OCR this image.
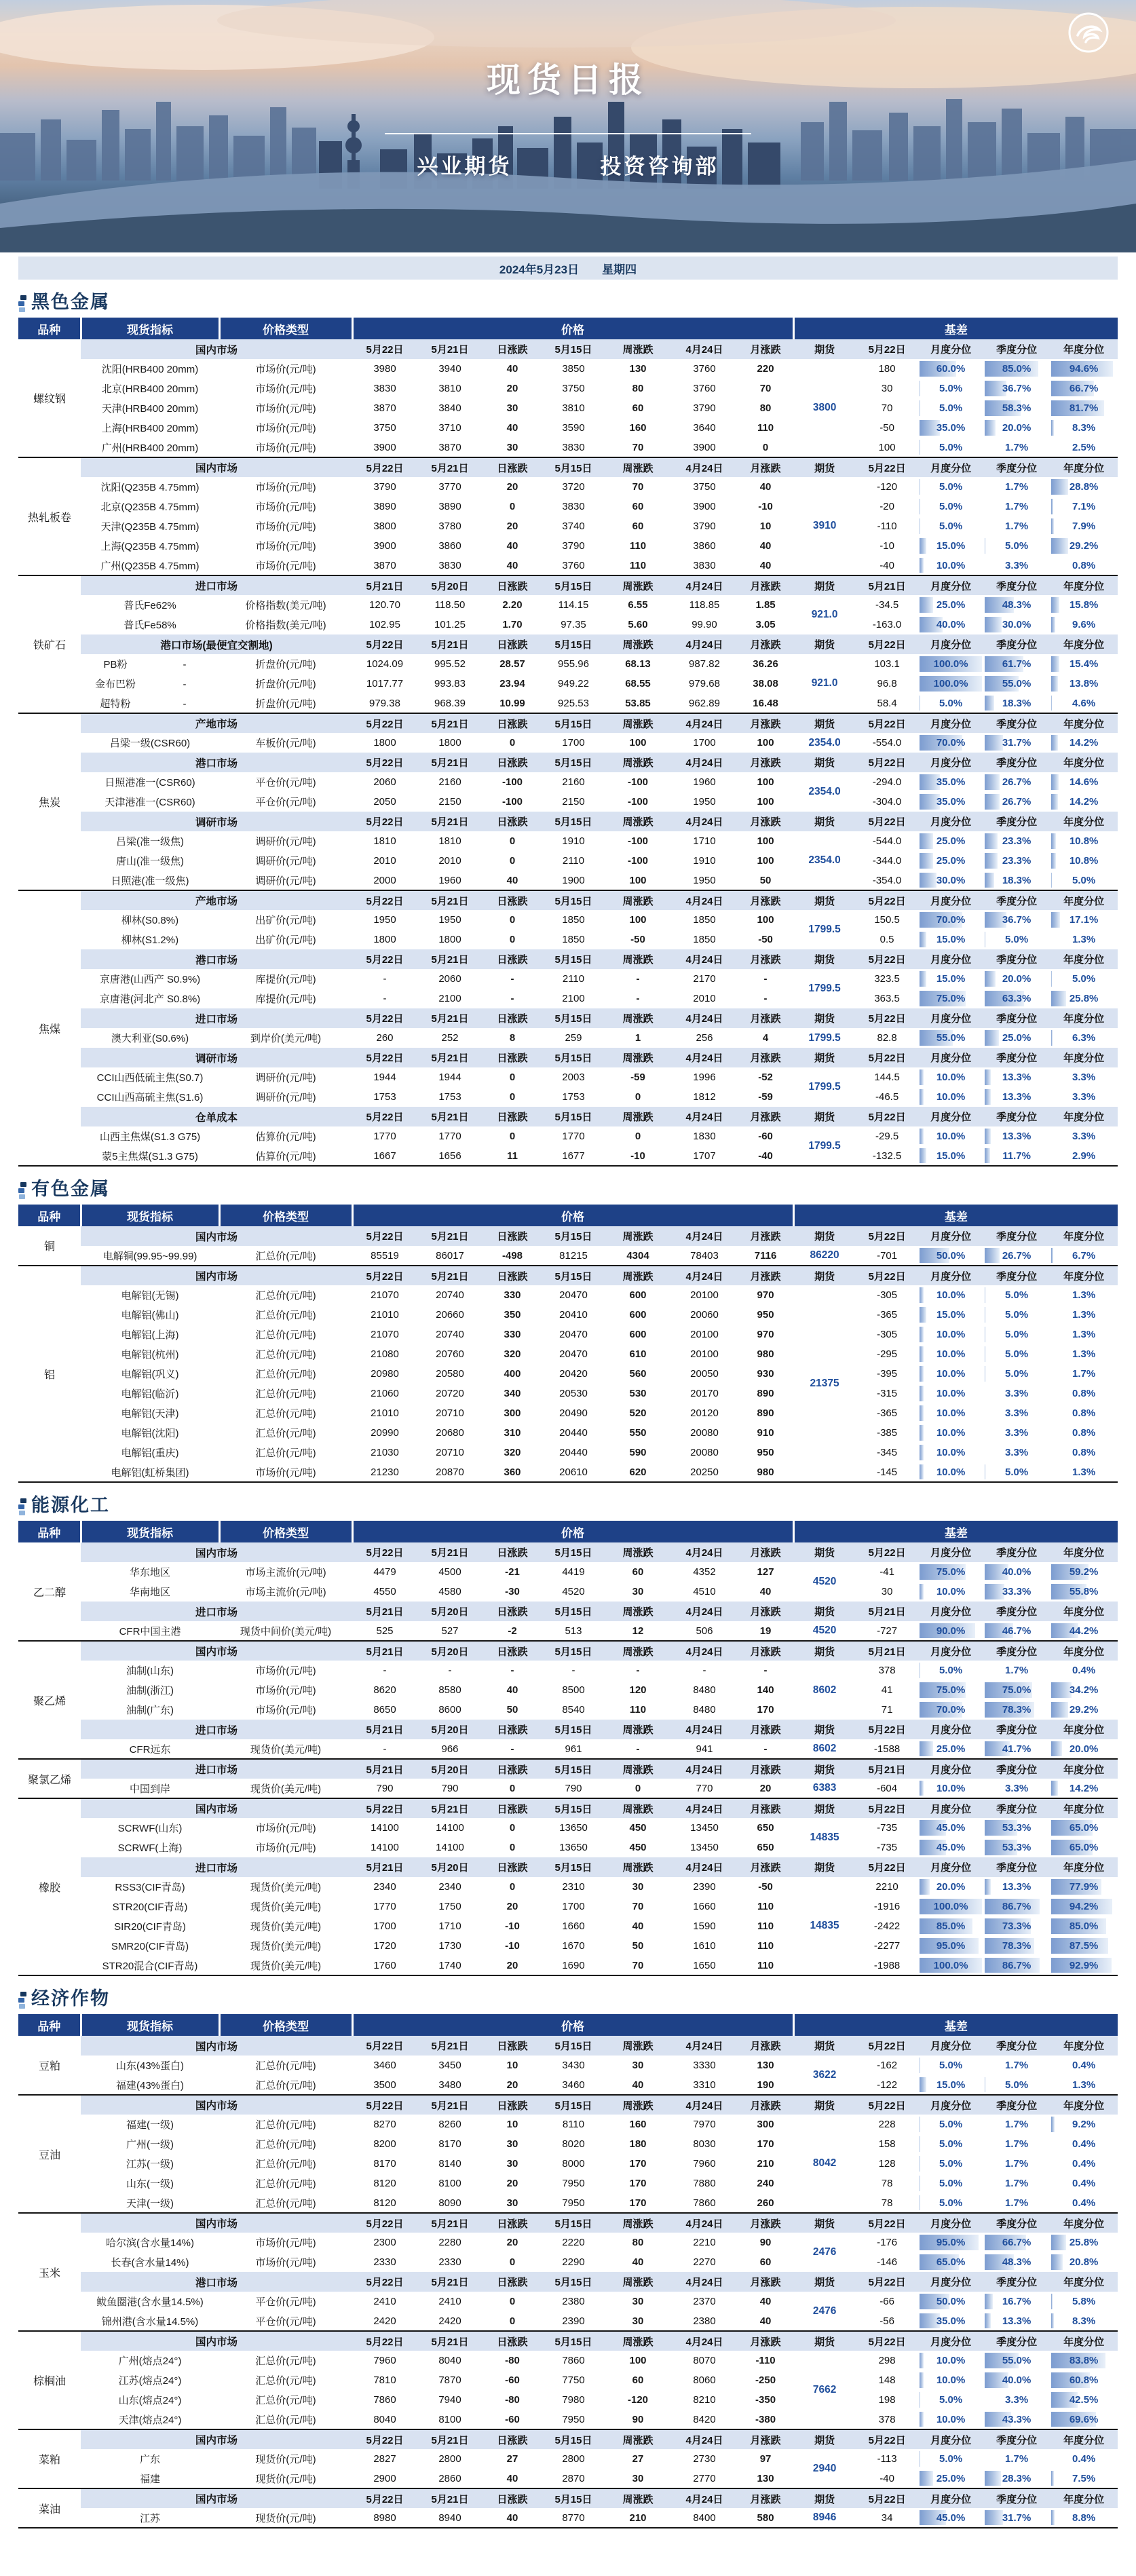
现货日报
兴业期货	投资咨询部
2024年5月23日 星期四
黑色金属
品种	现货指标	价格类型	价格							基差				
螺纹钢	国内市场		5月22日	5月21日	日涨跌	5月15日	周涨跌	4月24日	月涨跌	期货	5月22日	月度分位	季度分位	年度分位
	沈阳(HRB400 20mm)	市场价(元/吨)	3980	3940	40	3850	130	3760	220	3800	180	60.0%	85.0%	94.6%
	北京(HRB400 20mm)	市场价(元/吨)	3830	3810	20	3750	80	3760	70		30	5.0%	36.7%	66.7%
	天津(HRB400 20mm)	市场价(元/吨)	3870	3840	30	3810	60	3790	80		70	5.0%	58.3%	81.7%
	上海(HRB400 20mm)	市场价(元/吨)	3750	3710	40	3590	160	3640	110		-50	35.0%	20.0%	8.3%
	广州(HRB400 20mm)	市场价(元/吨)	3900	3870	30	3830	70	3900	0		100	5.0%	1.7%	2.5%
热轧板卷	国内市场		5月22日	5月21日	日涨跌	5月15日	周涨跌	4月24日	月涨跌	期货	5月22日	月度分位	季度分位	年度分位
	沈阳(Q235B 4.75mm)	市场价(元/吨)	3790	3770	20	3720	70	3750	40	3910	-120	5.0%	1.7%	28.8%
	北京(Q235B 4.75mm)	市场价(元/吨)	3890	3890	0	3830	60	3900	-10		-20	5.0%	1.7%	7.1%
	天津(Q235B 4.75mm)	市场价(元/吨)	3800	3780	20	3740	60	3790	10		-110	5.0%	1.7%	7.9%
	上海(Q235B 4.75mm)	市场价(元/吨)	3900	3860	40	3790	110	3860	40		-10	15.0%	5.0%	29.2%
	广州(Q235B 4.75mm)	市场价(元/吨)	3870	3830	40	3760	110	3830	40		-40	10.0%	3.3%	0.8%
铁矿石	进口市场		5月21日	5月20日	日涨跌	5月15日	周涨跌	4月24日	月涨跌	期货	5月21日	月度分位	季度分位	年度分位
	普氏Fe62%	价格指数(美元/吨)	120.70	118.50	2.20	114.15	6.55	118.85	1.85	921.0	-34.5	25.0%	48.3%	15.8%
	普氏Fe58%	价格指数(美元/吨)	102.95	101.25	1.70	97.35	5.60	99.90	3.05		-163.0	40.0%	30.0%	9.6%
	港口市场(最便宜交割地)		5月22日	5月21日	日涨跌	5月15日	周涨跌	4月24日	月涨跌	期货	5月22日	月度分位	季度分位	年度分位
	PB粉 -	折盘价(元/吨)	1024.09	995.52	28.57	955.96	68.13	987.82	36.26	921.0	103.1	100.0%	61.7%	15.4%
	金布巴粉 -	折盘价(元/吨)	1017.77	993.83	23.94	949.22	68.55	979.68	38.08		96.8	100.0%	55.0%	13.8%
	超特粉 -	折盘价(元/吨)	979.38	968.39	10.99	925.53	53.85	962.89	16.48		58.4	5.0%	18.3%	4.6%
焦炭	产地市场		5月22日	5月21日	日涨跌	5月15日	周涨跌	4月24日	月涨跌	期货	5月22日	月度分位	季度分位	年度分位
	吕梁一级(CSR60)	车板价(元/吨)	1800	1800	0	1700	100	1700	100	2354.0	-554.0	70.0%	31.7%	14.2%
	港口市场		5月22日	5月21日	日涨跌	5月15日	周涨跌	4月24日	月涨跌	期货	5月22日	月度分位	季度分位	年度分位
	日照港准一(CSR60)	平仓价(元/吨)	2060	2160	-100	2160	-100	1960	100	2354.0	-294.0	35.0%	26.7%	14.6%
	天津港准一(CSR60)	平仓价(元/吨)	2050	2150	-100	2150	-100	1950	100		-304.0	35.0%	26.7%	14.2%
	调研市场		5月22日	5月21日	日涨跌	5月15日	周涨跌	4月24日	月涨跌	期货	5月22日	月度分位	季度分位	年度分位
	吕梁(准一级焦)	调研价(元/吨)	1810	1810	0	1910	-100	1710	100	2354.0	-544.0	25.0%	23.3%	10.8%
	唐山(准一级焦)	调研价(元/吨)	2010	2010	0	2110	-100	1910	100		-344.0	25.0%	23.3%	10.8%
	日照港(准一级焦)	调研价(元/吨)	2000	1960	40	1900	100	1950	50		-354.0	30.0%	18.3%	5.0%
焦煤	产地市场		5月22日	5月21日	日涨跌	5月15日	周涨跌	4月24日	月涨跌	期货	5月22日	月度分位	季度分位	年度分位
	柳林(S0.8%)	出矿价(元/吨)	1950	1950	0	1850	100	1850	100	1799.5	150.5	70.0%	36.7%	17.1%
	柳林(S1.2%)	出矿价(元/吨)	1800	1800	0	1850	-50	1850	-50		0.5	15.0%	5.0%	1.3%
	港口市场		5月22日	5月21日	日涨跌	5月15日	周涨跌	4月24日	月涨跌	期货	5月22日	月度分位	季度分位	年度分位
	京唐港(山西产 S0.9%)	库提价(元/吨)	-	2060	-	2110	-	2170	-	1799.5	323.5	15.0%	20.0%	5.0%
	京唐港(河北产 S0.8%)	库提价(元/吨)	-	2100	-	2100	-	2010	-		363.5	75.0%	63.3%	25.8%
	进口市场		5月22日	5月21日	日涨跌	5月15日	周涨跌	4月24日	月涨跌	期货	5月22日	月度分位	季度分位	年度分位
	澳大利亚(S0.6%)	到岸价(美元/吨)	260	252	8	259	1	256	4	1799.5	82.8	55.0%	25.0%	6.3%
	调研市场		5月22日	5月21日	日涨跌	5月15日	周涨跌	4月24日	月涨跌	期货	5月22日	月度分位	季度分位	年度分位
	CCI山西低硫主焦(S0.7)	调研价(元/吨)	1944	1944	0	2003	-59	1996	-52	1799.5	144.5	10.0%	13.3%	3.3%
	CCI山西高硫主焦(S1.6)	调研价(元/吨)	1753	1753	0	1753	0	1812	-59		-46.5	10.0%	13.3%	3.3%
	仓单成本		5月22日	5月21日	日涨跌	5月15日	周涨跌	4月24日	月涨跌	期货	5月22日	月度分位	季度分位	年度分位
	山西主焦煤(S1.3 G75)	估算价(元/吨)	1770	1770	0	1770	0	1830	-60	1799.5	-29.5	10.0%	13.3%	3.3%
	蒙5主焦煤(S1.3 G75)	估算价(元/吨)	1667	1656	11	1677	-10	1707	-40		-132.5	15.0%	11.7%	2.9%
有色金属
品种	现货指标	价格类型	价格							基差				
铜	国内市场		5月22日	5月21日	日涨跌	5月15日	周涨跌	4月24日	月涨跌	期货	5月22日	月度分位	季度分位	年度分位
	电解铜(99.95~99.99)	汇总价(元/吨)	85519	86017	-498	81215	4304	78403	7116	86220	-701	50.0%	26.7%	6.7%
铝	国内市场		5月22日	5月21日	日涨跌	5月15日	周涨跌	4月24日	月涨跌	期货	5月22日	月度分位	季度分位	年度分位
	电解铝(无锡)	汇总价(元/吨)	21070	20740	330	20470	600	20100	970	21375	-305	10.0%	5.0%	1.3%
	电解铝(佛山)	汇总价(元/吨)	21010	20660	350	20410	600	20060	950		-365	15.0%	5.0%	1.3%
	电解铝(上海)	汇总价(元/吨)	21070	20740	330	20470	600	20100	970		-305	10.0%	5.0%	1.3%
	电解铝(杭州)	汇总价(元/吨)	21080	20760	320	20470	610	20100	980		-295	10.0%	5.0%	1.3%
	电解铝(巩义)	汇总价(元/吨)	20980	20580	400	20420	560	20050	930		-395	10.0%	5.0%	1.7%
	电解铝(临沂)	汇总价(元/吨)	21060	20720	340	20530	530	20170	890		-315	10.0%	3.3%	0.8%
	电解铝(天津)	汇总价(元/吨)	21010	20710	300	20490	520	20120	890		-365	10.0%	3.3%	0.8%
	电解铝(沈阳)	汇总价(元/吨)	20990	20680	310	20440	550	20080	910		-385	10.0%	3.3%	0.8%
	电解铝(重庆)	汇总价(元/吨)	21030	20710	320	20440	590	20080	950		-345	10.0%	3.3%	0.8%
	电解铝(虹桥集团)	市场价(元/吨)	21230	20870	360	20610	620	20250	980		-145	10.0%	5.0%	1.3%
能源化工
品种	现货指标	价格类型	价格							基差				
乙二醇	国内市场		5月22日	5月21日	日涨跌	5月15日	周涨跌	4月24日	月涨跌	期货	5月22日	月度分位	季度分位	年度分位
	华东地区	市场主流价(元/吨)	4479	4500	-21	4419	60	4352	127	4520	-41	75.0%	40.0%	59.2%
	华南地区	市场主流价(元/吨)	4550	4580	-30	4520	30	4510	40		30	10.0%	33.3%	55.8%
	进口市场		5月21日	5月20日	日涨跌	5月15日	周涨跌	4月24日	月涨跌	期货	5月21日	月度分位	季度分位	年度分位
	CFR中国主港	现货中间价(美元/吨)	525	527	-2	513	12	506	19	4520	-727	90.0%	46.7%	44.2%
聚乙烯	国内市场		5月21日	5月20日	日涨跌	5月15日	周涨跌	4月24日	月涨跌	期货	5月21日	月度分位	季度分位	年度分位
	油制(山东)	市场价(元/吨)	-	-	-	-	-	-	-	8602	378	5.0%	1.7%	0.4%
	油制(浙江)	市场价(元/吨)	8620	8580	40	8500	120	8480	140		41	75.0%	75.0%	34.2%
	油制(广东)	市场价(元/吨)	8650	8600	50	8540	110	8480	170		71	70.0%	78.3%	29.2%
	进口市场		5月21日	5月20日	日涨跌	5月15日	周涨跌	4月24日	月涨跌	期货	5月22日	月度分位	季度分位	年度分位
	CFR远东	现货价(美元/吨)	-	966	-	961	-	941	-	8602	-1588	25.0%	41.7%	20.0%
聚氯乙烯	进口市场		5月21日	5月20日	日涨跌	5月15日	周涨跌	4月24日	月涨跌	期货	5月21日	月度分位	季度分位	年度分位
	中国到岸	现货价(美元/吨)	790	790	0	790	0	770	20	6383	-604	10.0%	3.3%	14.2%
橡胶	国内市场		5月22日	5月21日	日涨跌	5月15日	周涨跌	4月24日	月涨跌	期货	5月22日	月度分位	季度分位	年度分位
	SCRWF(山东)	市场价(元/吨)	14100	14100	0	13650	450	13450	650	14835	-735	45.0%	53.3%	65.0%
	SCRWF(上海)	市场价(元/吨)	14100	14100	0	13650	450	13450	650		-735	45.0%	53.3%	65.0%
	进口市场		5月21日	5月20日	日涨跌	5月15日	周涨跌	4月24日	月涨跌	期货	5月22日	月度分位	季度分位	年度分位
	RSS3(CIF青岛)	现货价(美元/吨)	2340	2340	0	2310	30	2390	-50	14835	2210	20.0%	13.3%	77.9%
	STR20(CIF青岛)	现货价(美元/吨)	1770	1750	20	1700	70	1660	110		-1916	100.0%	86.7%	94.2%
	SIR20(CIF青岛)	现货价(美元/吨)	1700	1710	-10	1660	40	1590	110		-2422	85.0%	73.3%	85.0%
	SMR20(CIF青岛)	现货价(美元/吨)	1720	1730	-10	1670	50	1610	110		-2277	95.0%	78.3%	87.5%
	STR20混合(CIF青岛)	现货价(美元/吨)	1760	1740	20	1690	70	1650	110		-1988	100.0%	86.7%	92.9%
经济作物
品种	现货指标	价格类型	价格							基差				
豆粕	国内市场		5月22日	5月21日	日涨跌	5月15日	周涨跌	4月24日	月涨跌	期货	5月22日	月度分位	季度分位	年度分位
	山东(43%蛋白)	汇总价(元/吨)	3460	3450	10	3430	30	3330	130	3622	-162	5.0%	1.7%	0.4%
	福建(43%蛋白)	汇总价(元/吨)	3500	3480	20	3460	40	3310	190		-122	15.0%	5.0%	1.3%
豆油	国内市场		5月22日	5月21日	日涨跌	5月15日	周涨跌	4月24日	月涨跌	期货	5月22日	月度分位	季度分位	年度分位
	福建(一级)	汇总价(元/吨)	8270	8260	10	8110	160	7970	300	8042	228	5.0%	1.7%	9.2%
	广州(一级)	汇总价(元/吨)	8200	8170	30	8020	180	8030	170		158	5.0%	1.7%	0.4%
	江苏(一级)	汇总价(元/吨)	8170	8140	30	8000	170	7960	210		128	5.0%	1.7%	0.4%
	山东(一级)	汇总价(元/吨)	8120	8100	20	7950	170	7880	240		78	5.0%	1.7%	0.4%
	天津(一级)	汇总价(元/吨)	8120	8090	30	7950	170	7860	260		78	5.0%	1.7%	0.4%
玉米	国内市场		5月22日	5月21日	日涨跌	5月15日	周涨跌	4月24日	月涨跌	期货	5月22日	月度分位	季度分位	年度分位
	哈尔滨(含水量14%)	市场价(元/吨)	2300	2280	20	2220	80	2210	90	2476	-176	95.0%	66.7%	25.8%
	长春(含水量14%)	市场价(元/吨)	2330	2330	0	2290	40	2270	60		-146	65.0%	48.3%	20.8%
	港口市场		5月22日	5月21日	日涨跌	5月15日	周涨跌	4月24日	月涨跌	期货	5月22日	月度分位	季度分位	年度分位
	鲅鱼圈港(含水量14.5%)	平仓价(元/吨)	2410	2410	0	2380	30	2370	40	2476	-66	50.0%	16.7%	5.8%
	锦州港(含水量14.5%)	平仓价(元/吨)	2420	2420	0	2390	30	2380	40		-56	35.0%	13.3%	8.3%
棕榈油	国内市场		5月22日	5月21日	日涨跌	5月15日	周涨跌	4月24日	月涨跌	期货	5月22日	月度分位	季度分位	年度分位
	广州(熔点24°)	汇总价(元/吨)	7960	8040	-80	7860	100	8070	-110	7662	298	10.0%	55.0%	83.8%
	江苏(熔点24°)	汇总价(元/吨)	7810	7870	-60	7750	60	8060	-250		148	10.0%	40.0%	60.8%
	山东(熔点24°)	汇总价(元/吨)	7860	7940	-80	7980	-120	8210	-350		198	5.0%	3.3%	42.5%
	天津(熔点24°)	汇总价(元/吨)	8040	8100	-60	7950	90	8420	-380		378	10.0%	43.3%	69.6%
菜粕	国内市场		5月22日	5月21日	日涨跌	5月15日	周涨跌	4月24日	月涨跌	期货	5月22日	月度分位	季度分位	年度分位
	广东	现货价(元/吨)	2827	2800	27	2800	27	2730	97	2940	-113	5.0%	1.7%	0.4%
	福建	现货价(元/吨)	2900	2860	40	2870	30	2770	130		-40	25.0%	28.3%	7.5%
菜油	国内市场		5月22日	5月21日	日涨跌	5月15日	周涨跌	4月24日	月涨跌	期货	5月22日	月度分位	季度分位	年度分位
	江苏	现货价(元/吨)	8980	8940	40	8770	210	8400	580	8946	34	45.0%	31.7%	8.8%
